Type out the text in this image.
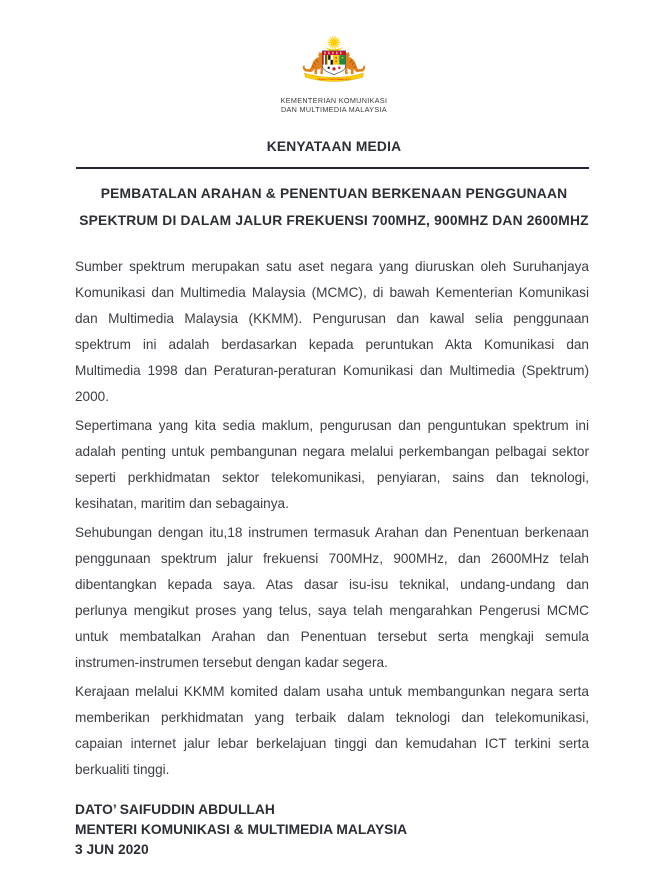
BERSEKUTU BERTAMBAH MUTU
KEMENTERIAN KOMUNIKASI
DAN MULTIMEDIA MALAYSIA
KENYATAAN MEDIA
PEMBATALAN ARAHAN & PENENTUAN BERKENAAN PENGGUNAAN
SPEKTRUM DI DALAM JALUR FREKUENSI 700MHZ, 900MHZ DAN 2600MHZ
Sumber spektrum merupakan satu aset negara yang diuruskan oleh Suruhanjaya
Komunikasi dan Multimedia Malaysia (MCMC), di bawah Kementerian Komunikasi
dan Multimedia Malaysia (KKMM). Pengurusan dan kawal selia penggunaan
spektrum ini adalah berdasarkan kepada peruntukan Akta Komunikasi dan
Multimedia 1998 dan Peraturan-peraturan Komunikasi dan Multimedia (Spektrum)
2000.
Sepertimana yang kita sedia maklum, pengurusan dan penguntukan spektrum ini
adalah penting untuk pembangunan negara melalui perkembangan pelbagai sektor
seperti perkhidmatan sektor telekomunikasi, penyiaran, sains dan teknologi,
kesihatan, maritim dan sebagainya.
Sehubungan dengan itu,18 instrumen termasuk Arahan dan Penentuan berkenaan
penggunaan spektrum jalur frekuensi 700MHz, 900MHz, dan 2600MHz telah
dibentangkan kepada saya. Atas dasar isu-isu teknikal, undang-undang dan
perlunya mengikut proses yang telus, saya telah mengarahkan Pengerusi MCMC
untuk membatalkan Arahan dan Penentuan tersebut serta mengkaji semula
instrumen-instrumen tersebut dengan kadar segera.
Kerajaan melalui KKMM komited dalam usaha untuk membangunkan negara serta
memberikan perkhidmatan yang terbaik dalam teknologi dan telekomunikasi,
capaian internet jalur lebar berkelajuan tinggi dan kemudahan ICT terkini serta
berkualiti tinggi.
DATO’ SAIFUDDIN ABDULLAH
MENTERI KOMUNIKASI & MULTIMEDIA MALAYSIA
3 JUN 2020
